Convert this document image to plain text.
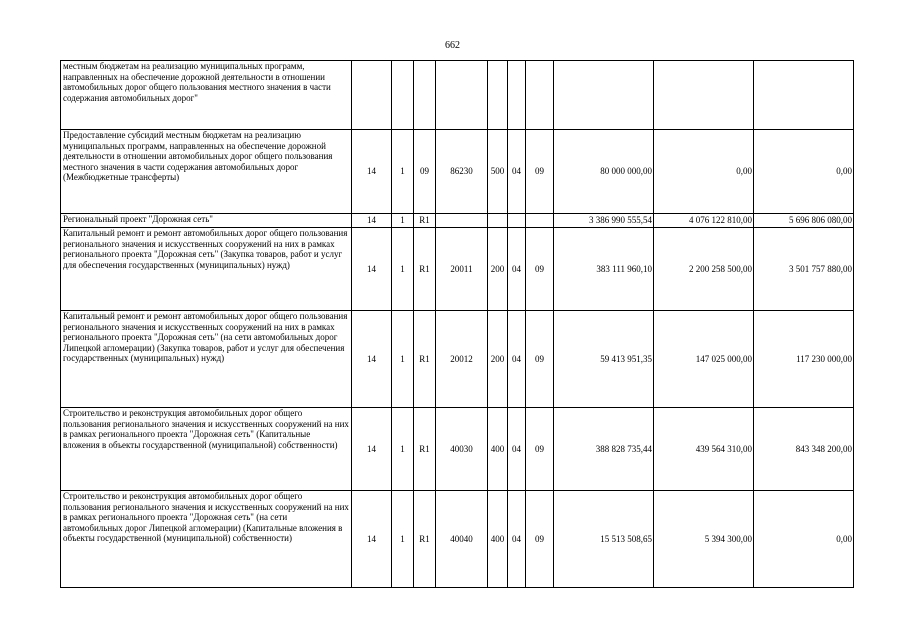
662
местным бюджетам на реализацию муниципальных программ, направленных на обеспечение дорожной деятельности в отношении автомобильных дорог общего пользования местного значения в части содержания автомобильных дорог"										
Предоставление субсидий местным бюджетам на реализацию муниципальных программ, направленных на обеспечение дорожной деятельности в отношении автомобильных дорог общего пользования местного значения в части содержания автомобильных дорог (Межбюджетные трансферты)	14	1	09	86230	500	04	09	80 000 000,00	0,00	0,00
Региональный проект "Дорожная сеть"	14	1	R1					3 386 990 555,54	4 076 122 810,00	5 696 806 080,00
Капитальный ремонт и ремонт автомобильных дорог общего пользования регионального значения и искусственных сооружений на них в рамках регионального проекта "Дорожная сеть" (Закупка товаров, работ и услуг для обеспечения государственных (муниципальных) нужд)	14	1	R1	20011	200	04	09	383 111 960,10	2 200 258 500,00	3 501 757 880,00
Капитальный ремонт и ремонт автомобильных дорог общего пользования регионального значения и искусственных сооружений на них в рамках регионального проекта "Дорожная сеть" (на сети автомобильных дорог Липецкой агломерации) (Закупка товаров, работ и услуг для обеспечения государственных (муниципальных) нужд)	14	1	R1	20012	200	04	09	59 413 951,35	147 025 000,00	117 230 000,00
Строительство и реконструкция автомобильных дорог общего пользования регионального значения и искусственных сооружений на них в рамках регионального проекта "Дорожная сеть" (Капитальные вложения в объекты государственной (муниципальной) собственности)	14	1	R1	40030	400	04	09	388 828 735,44	439 564 310,00	843 348 200,00
Строительство и реконструкция автомобильных дорог общего пользования регионального значения и искусственных сооружений на них в рамках регионального проекта "Дорожная сеть" (на сети автомобильных дорог Липецкой агломерации) (Капитальные вложения в объекты государственной (муниципальной) собственности)	14	1	R1	40040	400	04	09	15 513 508,65	5 394 300,00	0,00
